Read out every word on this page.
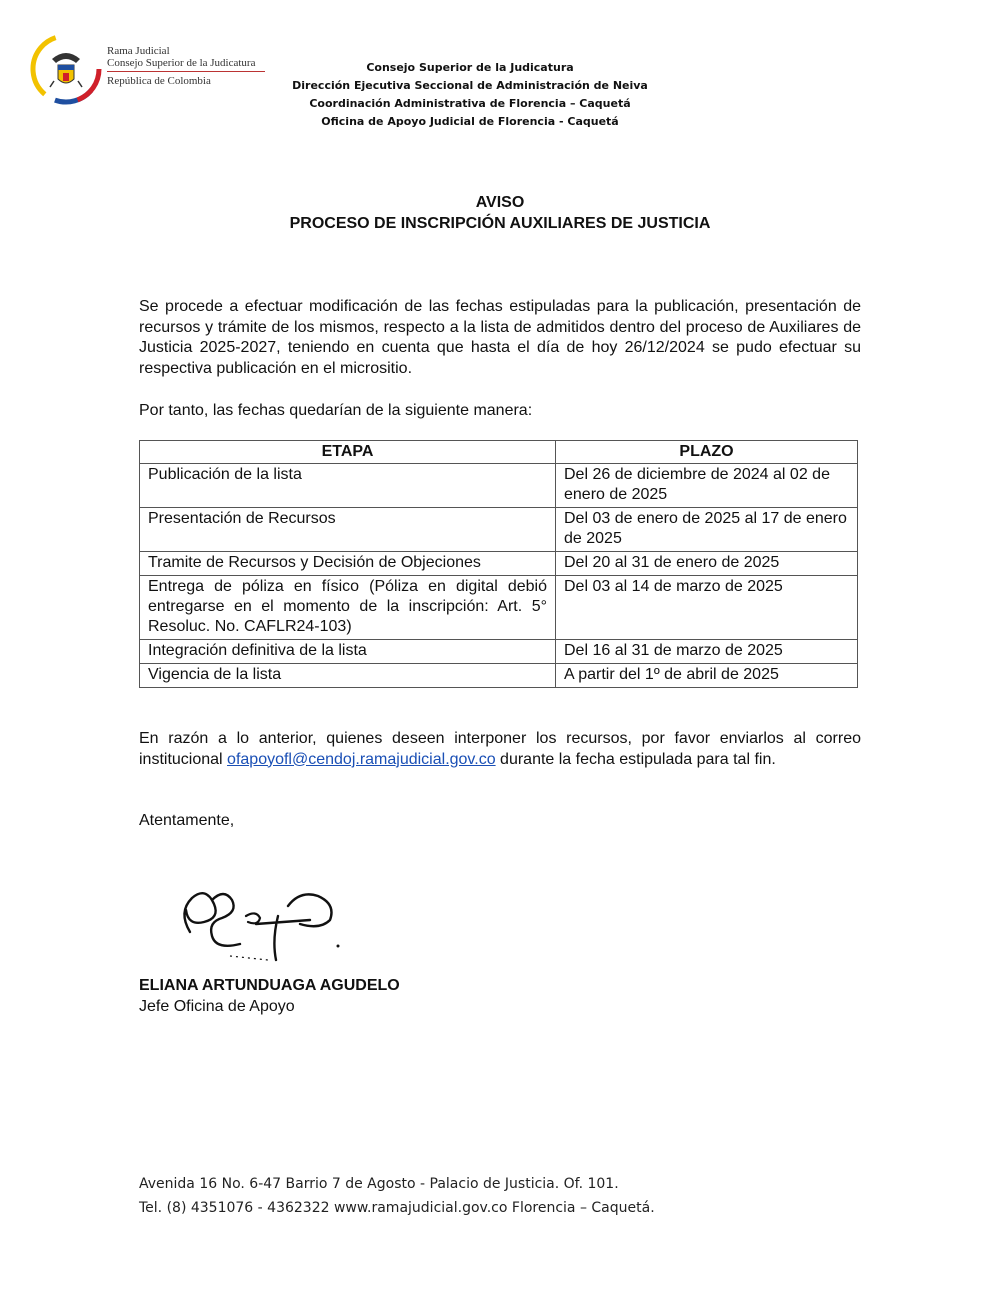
Rama Judicial
Consejo Superior de la Judicatura
República de Colombia
Consejo Superior de la Judicatura
Dirección Ejecutiva Seccional de Administración de Neiva
Coordinación Administrativa de Florencia – Caquetá
Oficina de Apoyo Judicial de Florencia - Caquetá
AVISO
PROCESO DE INSCRIPCIÓN AUXILIARES DE JUSTICIA
Se procede a efectuar modificación de las fechas estipuladas para la publicación, presentación de recursos y trámite de los mismos, respecto a la lista de admitidos dentro del proceso de Auxiliares de Justicia 2025-2027, teniendo en cuenta que hasta el día de hoy 26/12/2024 se pudo efectuar su respectiva publicación en el micrositio.
Por tanto, las fechas quedarían de la siguiente manera:
ETAPA	PLAZO
Publicación de la lista	Del 26 de diciembre de 2024 al 02 de enero de 2025
Presentación de Recursos	Del 03 de enero de 2025 al 17 de enero de 2025
Tramite de Recursos y Decisión de Objeciones	Del 20 al 31 de enero de 2025
Entrega de póliza en físico (Póliza en digital debió entregarse en el momento de la inscripción: Art. 5° Resoluc. No. CAFLR24-103)	Del 03 al 14 de marzo de 2025
Integración definitiva de la lista	Del 16 al 31 de marzo de 2025
Vigencia de la lista	A partir del 1º de abril de 2025
En razón a lo anterior, quienes deseen interponer los recursos, por favor enviarlos al correo institucional ofapoyofl@cendoj.ramajudicial.gov.co durante la fecha estipulada para tal fin.
Atentamente,
ELIANA ARTUNDUAGA AGUDELO
Jefe Oficina de Apoyo
Avenida 16 No. 6-47 Barrio 7 de Agosto - Palacio de Justicia. Of. 101.
Tel. (8) 4351076 - 4362322 www.ramajudicial.gov.co Florencia – Caquetá.
